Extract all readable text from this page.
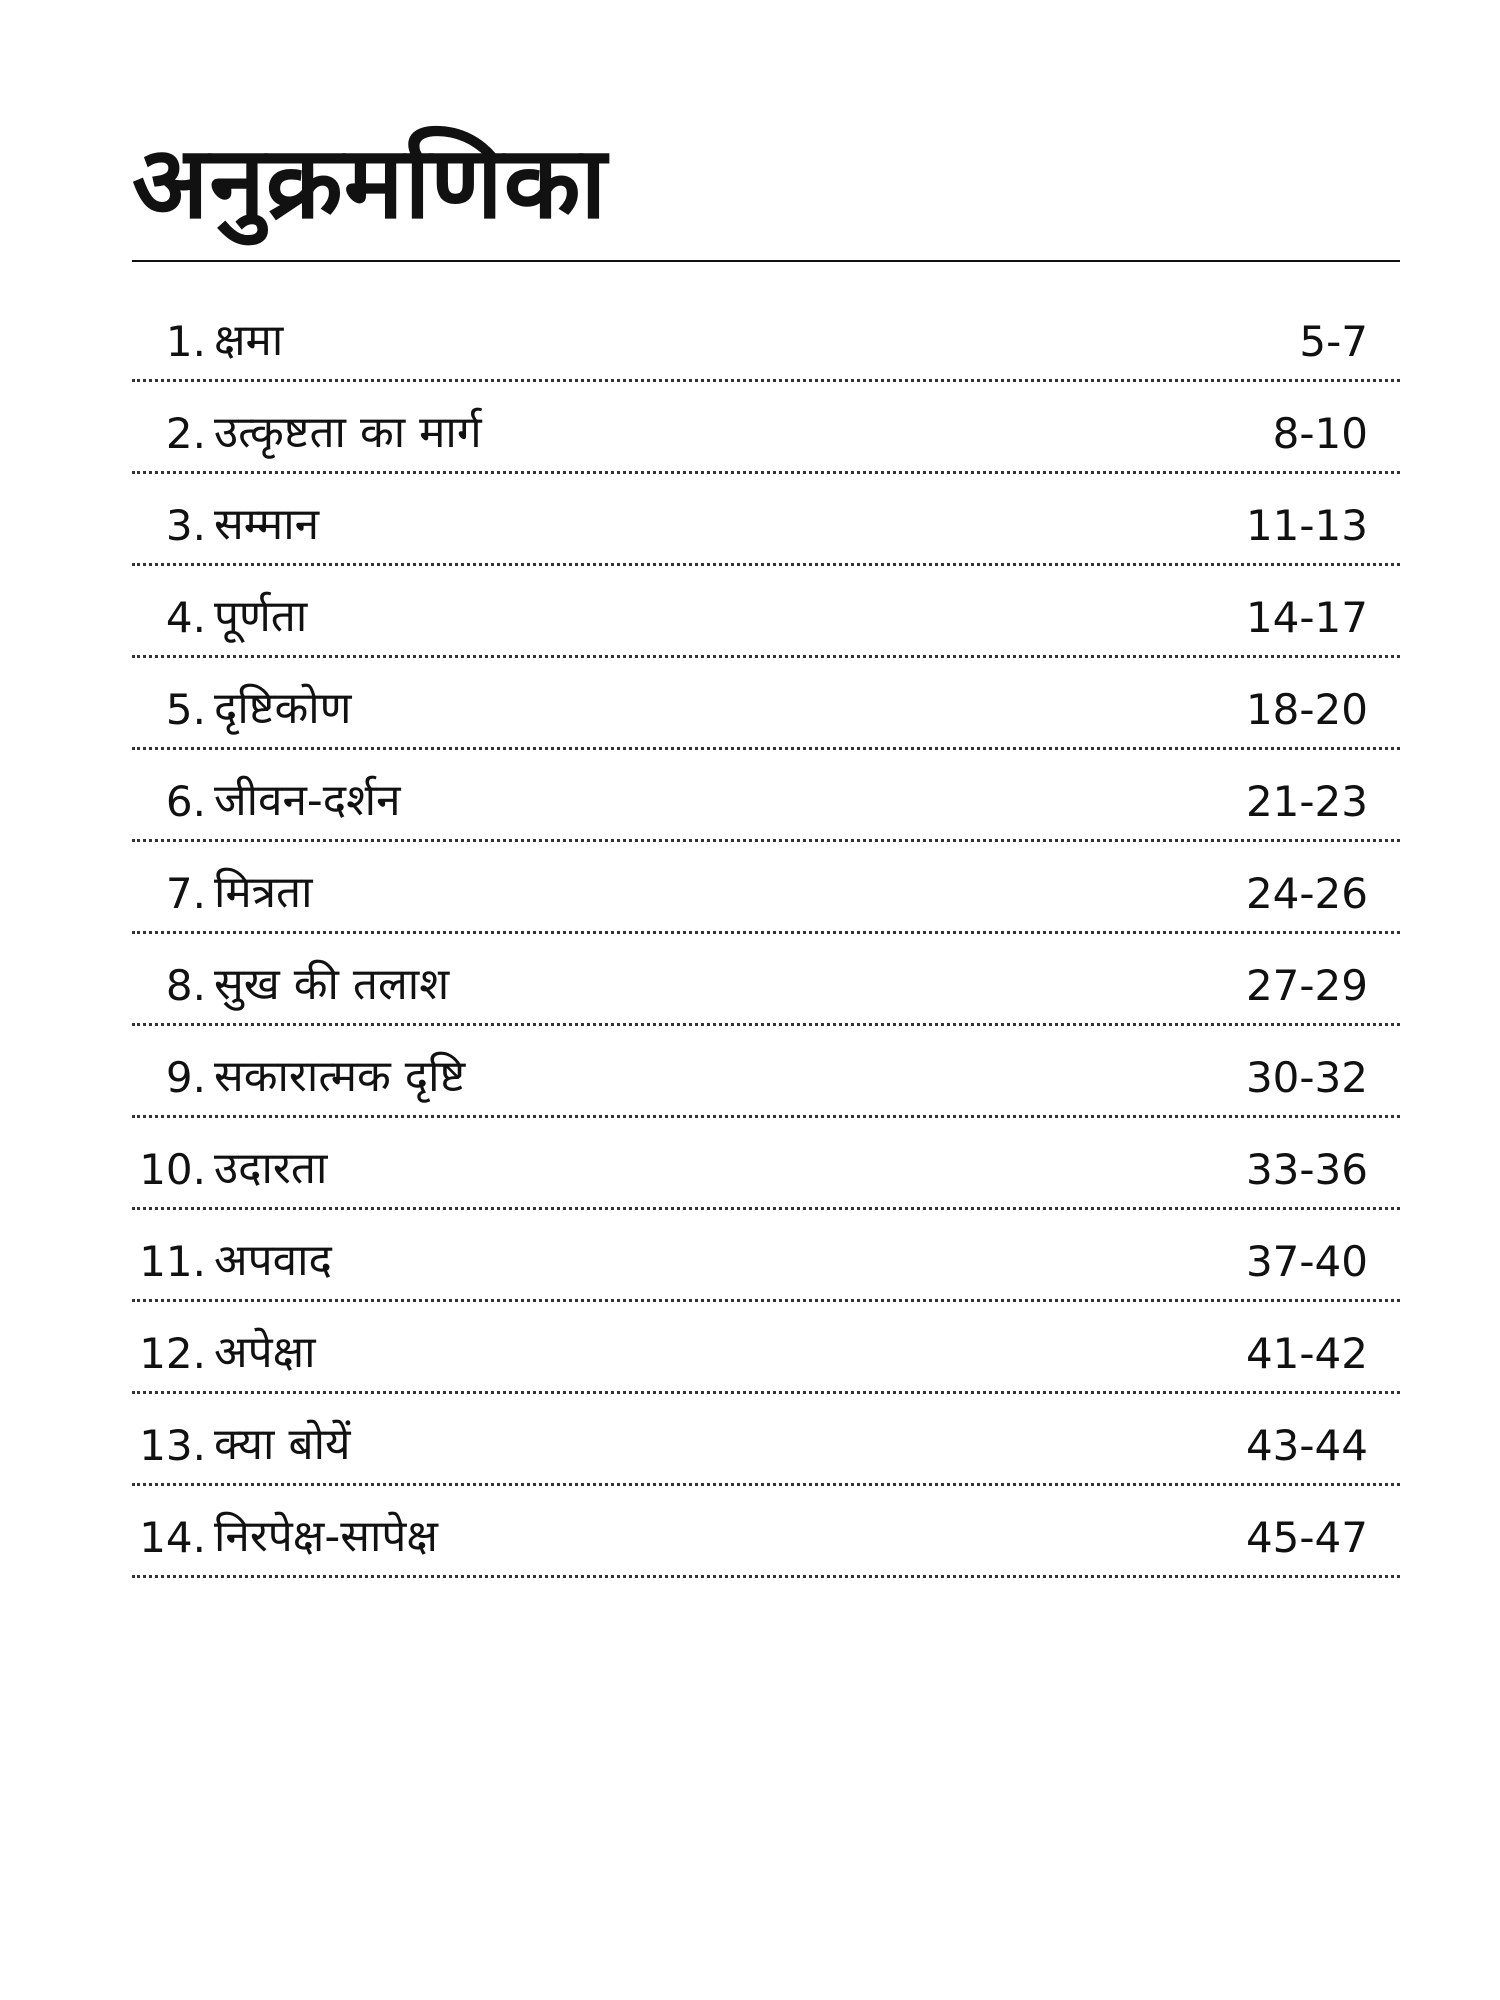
अनुक्रमणिका
1. क्षमा	5-7
2. उत्कृष्टता का मार्ग	8-10
3. सम्मान	11-13
4. पूर्णता	14-17
5. दृष्टिकोण	18-20
6. जीवन-दर्शन	21-23
7. मित्रता	24-26
8. सुख की तलाश	27-29
9. सकारात्मक दृष्टि	30-32
10. उदारता	33-36
11. अपवाद	37-40
12. अपेक्षा	41-42
13. क्या बोयें	43-44
14. निरपेक्ष-सापेक्ष	45-47
